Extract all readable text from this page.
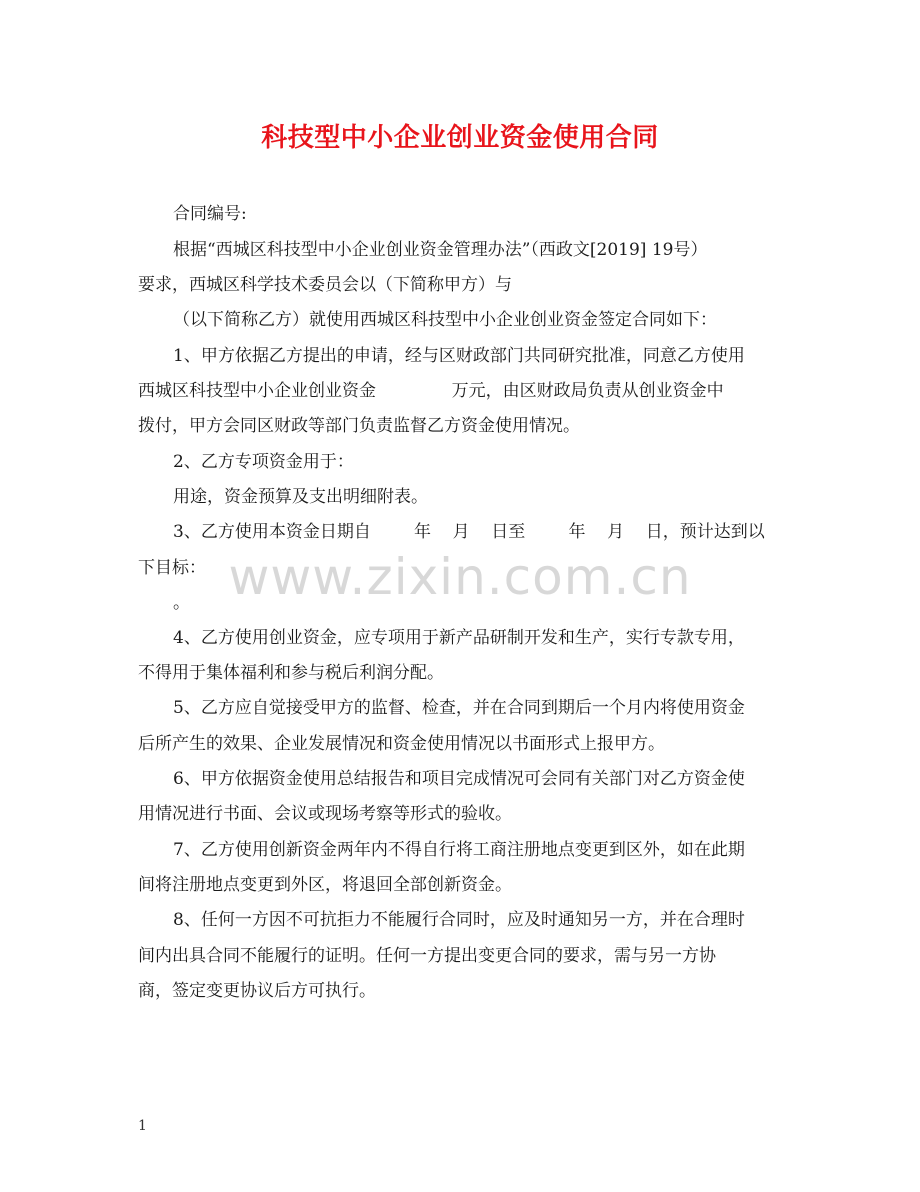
科技型中小企业创业资金使用合同
www.zixin.com.cn
合同编号:
根据“西城区科技型中小企业创业资金管理办法”（西政文[2019] 19号）
要求，西城区科学技术委员会以（下简称甲方）与
（以下简称乙方）就使用西城区科技型中小企业创业资金签定合同如下：
1、甲方依据乙方提出的申请，经与区财政部门共同研究批准，同意乙方使用
西城区科技型中小企业创业资金              万元，由区财政局负责从创业资金中
拨付，甲方会同区财政等部门负责监督乙方资金使用情况。
2、乙方专项资金用于：
用途，资金预算及支出明细附表。
3、乙方使用本资金日期自        年    月    日至        年    月    日，预计达到以
下目标：
。
4、乙方使用创业资金，应专项用于新产品研制开发和生产，实行专款专用，
不得用于集体福利和参与税后利润分配。
5、乙方应自觉接受甲方的监督、检查，并在合同到期后一个月内将使用资金
后所产生的效果、企业发展情况和资金使用情况以书面形式上报甲方。
6、甲方依据资金使用总结报告和项目完成情况可会同有关部门对乙方资金使
用情况进行书面、会议或现场考察等形式的验收。
7、乙方使用创新资金两年内不得自行将工商注册地点变更到区外，如在此期
间将注册地点变更到外区，将退回全部创新资金。
8、任何一方因不可抗拒力不能履行合同时，应及时通知另一方，并在合理时
间内出具合同不能履行的证明。任何一方提出变更合同的要求，需与另一方协
商，签定变更协议后方可执行。
1
